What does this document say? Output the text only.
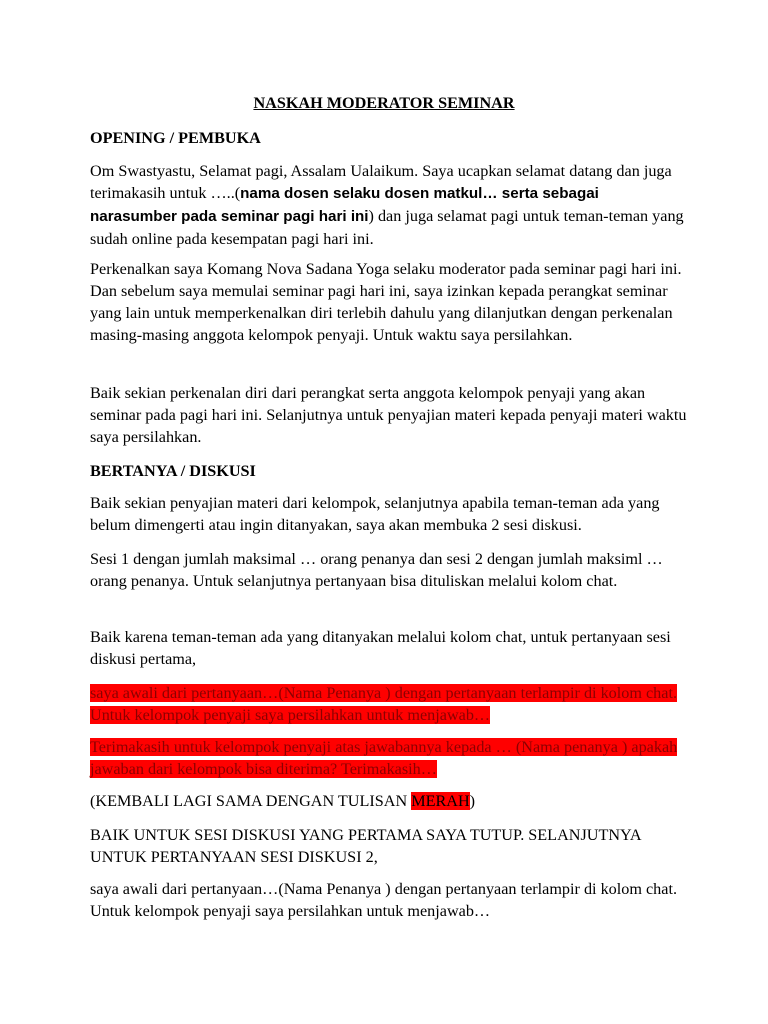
NASKAH MODERATOR SEMINAR
OPENING / PEMBUKA
Om Swastyastu, Selamat pagi, Assalam Ualaikum. Saya ucapkan selamat datang dan juga terimakasih untuk …..(nama dosen selaku dosen matkul… serta sebagai narasumber pada seminar pagi hari ini) dan juga selamat pagi untuk teman-teman yang sudah online pada kesempatan pagi hari ini.
Perkenalkan saya Komang Nova Sadana Yoga selaku moderator pada seminar pagi hari ini. Dan sebelum saya memulai seminar pagi hari ini, saya izinkan kepada perangkat seminar yang lain untuk memperkenalkan diri terlebih dahulu yang dilanjutkan dengan perkenalan masing-masing anggota kelompok penyaji. Untuk waktu saya persilahkan.
Baik sekian perkenalan diri dari perangkat serta anggota kelompok penyaji yang akan seminar pada pagi hari ini. Selanjutnya untuk penyajian materi kepada penyaji materi waktu saya persilahkan.
BERTANYA / DISKUSI
Baik sekian penyajian materi dari kelompok, selanjutnya apabila teman-teman ada yang belum dimengerti atau ingin ditanyakan, saya akan membuka 2 sesi diskusi.
Sesi 1 dengan jumlah maksimal … orang penanya dan sesi 2 dengan jumlah maksiml … orang penanya. Untuk selanjutnya pertanyaan bisa dituliskan melalui kolom chat.
Baik karena teman-teman ada yang ditanyakan melalui kolom chat, untuk pertanyaan sesi diskusi pertama,
saya awali dari pertanyaan…(Nama Penanya ) dengan pertanyaan terlampir di kolom chat. Untuk kelompok penyaji saya persilahkan untuk menjawab…
Terimakasih untuk kelompok penyaji atas jawabannya kepada … (Nama penanya ) apakah jawaban dari kelompok bisa diterima? Terimakasih…
(KEMBALI LAGI SAMA DENGAN TULISAN MERAH)
BAIK UNTUK SESI DISKUSI YANG PERTAMA SAYA TUTUP. SELANJUTNYA UNTUK PERTANYAAN SESI DISKUSI 2,
saya awali dari pertanyaan…(Nama Penanya ) dengan pertanyaan terlampir di kolom chat. Untuk kelompok penyaji saya persilahkan untuk menjawab…
